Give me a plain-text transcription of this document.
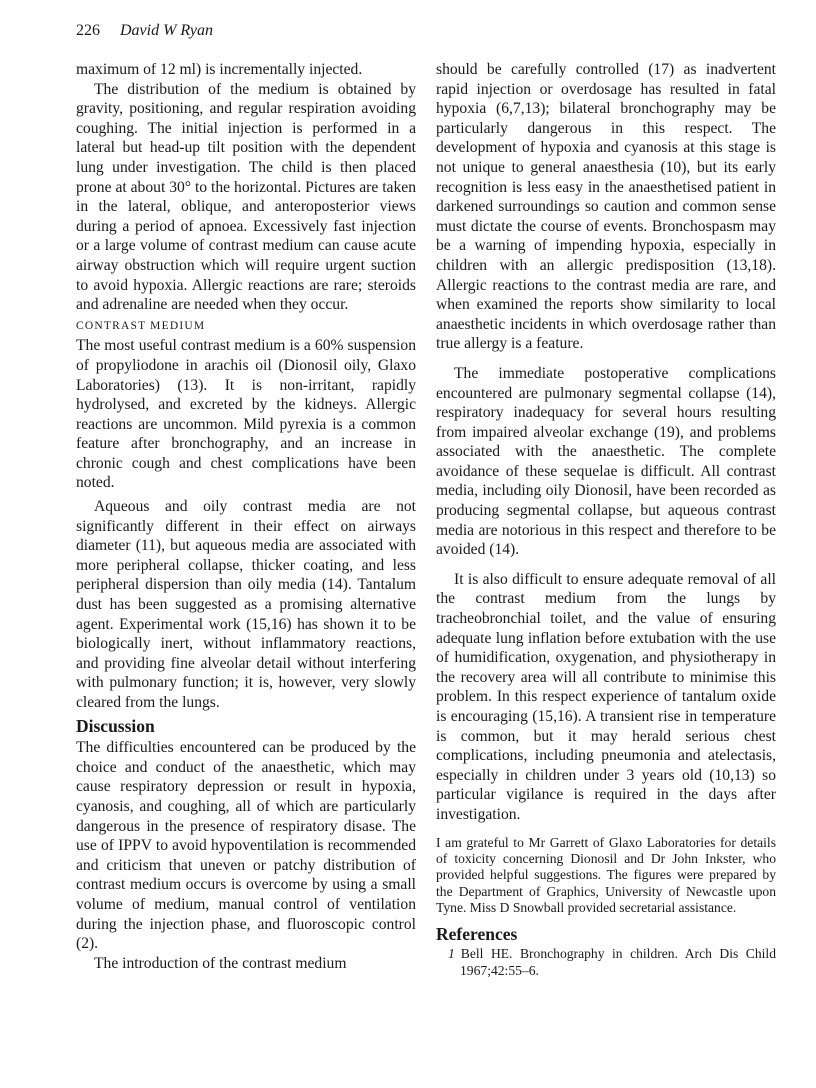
226 David W Ryan

maximum of 12 ml) is incrementally injected.

The distribution of the medium is obtained by gravity, positioning, and regular respiration avoiding coughing. The initial injection is performed in a lateral but head-up tilt position with the dependent lung under investigation. The child is then placed prone at about 30° to the horizontal. Pictures are taken in the lateral, oblique, and anteroposterior views during a period of apnoea. Excessively fast injection or a large volume of contrast medium can cause acute airway obstruction which will require urgent suction to avoid hypoxia. Allergic reactions are rare; steroids and adrenaline are needed when they occur.

CONTRAST MEDIUM

The most useful contrast medium is a 60% suspension of propyliodone in arachis oil (Dionosil oily, Glaxo Laboratories) (13). It is non-irritant, rapidly hydrolysed, and excreted by the kidneys. Allergic reactions are uncommon. Mild pyrexia is a common feature after bronchography, and an increase in chronic cough and chest complications have been noted.

Aqueous and oily contrast media are not significantly different in their effect on airways diameter (11), but aqueous media are associated with more peripheral collapse, thicker coating, and less peripheral dispersion than oily media (14). Tantalum dust has been suggested as a promising alternative agent. Experimental work (15,16) has shown it to be biologically inert, without inflammatory reactions, and providing fine alveolar detail without interfering with pulmonary function; it is, however, very slowly cleared from the lungs.

Discussion

The difficulties encountered can be produced by the choice and conduct of the anaesthetic, which may cause respiratory depression or result in hypoxia, cyanosis, and coughing, all of which are particularly dangerous in the presence of respiratory disase. The use of IPPV to avoid hypoventilation is recommended and criticism that uneven or patchy distribution of contrast medium occurs is overcome by using a small volume of medium, manual control of ventilation during the injection phase, and fluoroscopic control (2).

The introduction of the contrast medium

should be carefully controlled (17) as inadvertent rapid injection or overdosage has resulted in fatal hypoxia (6,7,13); bilateral bronchography may be particularly dangerous in this respect. The development of hypoxia and cyanosis at this stage is not unique to general anaesthesia (10), but its early recognition is less easy in the anaesthetised patient in darkened surroundings so caution and common sense must dictate the course of events. Bronchospasm may be a warning of impending hypoxia, especially in children with an allergic predisposition (13,18). Allergic reactions to the contrast media are rare, and when examined the reports show similarity to local anaesthetic incidents in which overdosage rather than true allergy is a feature.

The immediate postoperative complications encountered are pulmonary segmental collapse (14), respiratory inadequacy for several hours resulting from impaired alveolar exchange (19), and problems associated with the anaesthetic. The complete avoidance of these sequelae is difficult. All contrast media, including oily Dionosil, have been recorded as producing segmental collapse, but aqueous contrast media are notorious in this respect and therefore to be avoided (14).

It is also difficult to ensure adequate removal of all the contrast medium from the lungs by tracheobronchial toilet, and the value of ensuring adequate lung inflation before extubation with the use of humidification, oxygenation, and physiotherapy in the recovery area will all contribute to minimise this problem. In this respect experience of tantalum oxide is encouraging (15,16). A transient rise in temperature is common, but it may herald serious chest complications, including pneumonia and atelectasis, especially in children under 3 years old (10,13) so particular vigilance is required in the days after investigation.

I am grateful to Mr Garrett of Glaxo Laboratories for details of toxicity concerning Dionosil and Dr John Inkster, who provided helpful suggestions. The figures were prepared by the Department of Graphics, University of Newcastle upon Tyne. Miss D Snowball provided secretarial assistance.

References
1 Bell HE. Bronchography in children. Arch Dis Child 1967;42:55–6.
